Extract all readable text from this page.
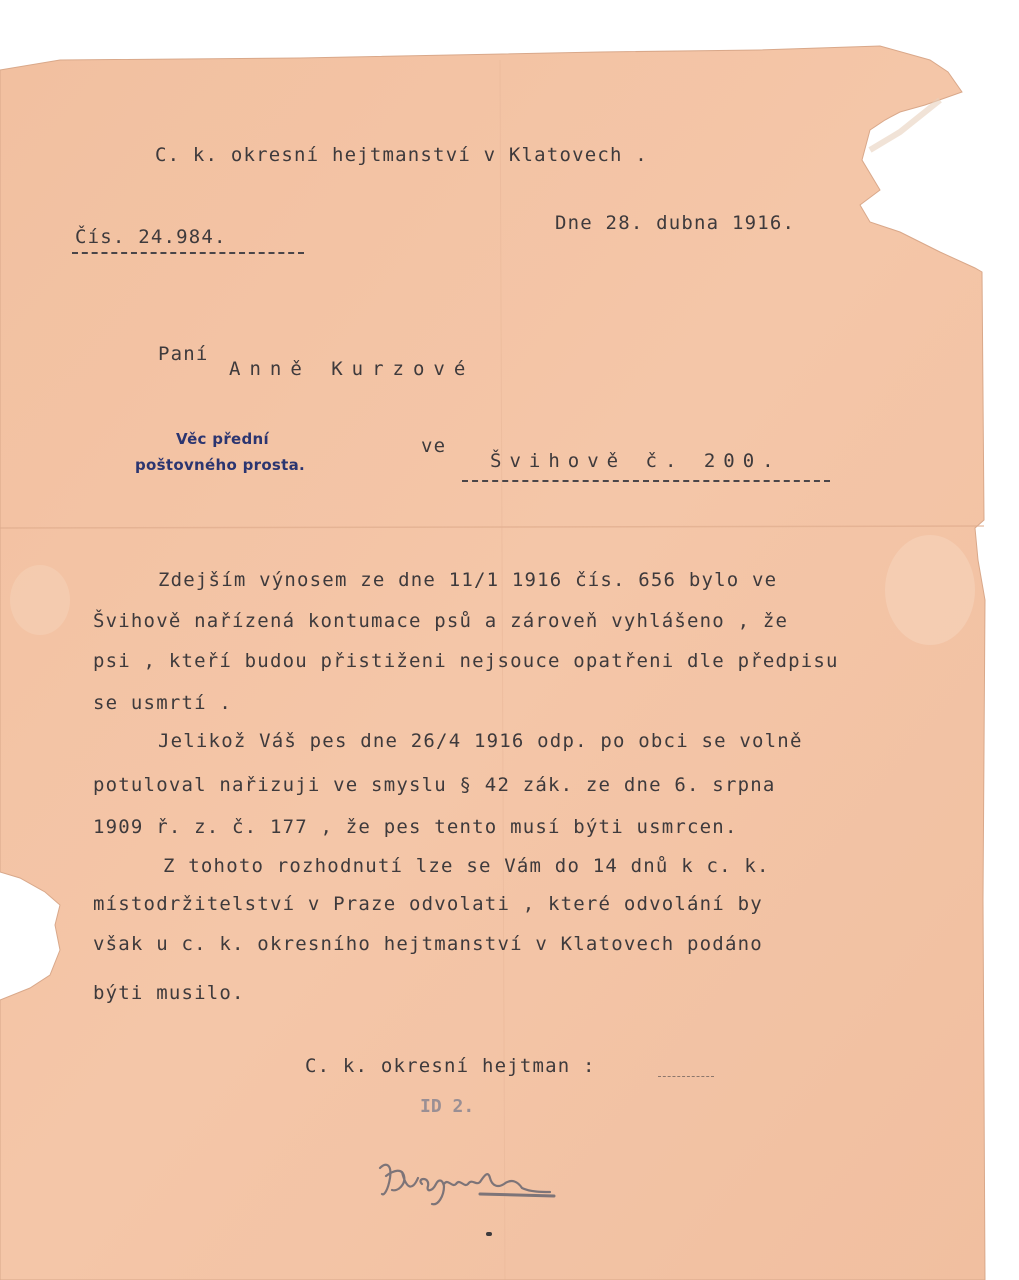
C. k. okresní hejtmanství v Klatovech .
Čís. 24.984.
Dne 28. dubna 1916.
Paní
Anně Kurzové
Věc přední
poštovného prosta.
ve
Švihově č. 200.
Zdejším výnosem ze dne 11/1 1916 čís. 656 bylo ve
Švihově nařízená kontumace psů a zároveň vyhlášeno , že
psi , kteří budou přistiženi nejsouce opatřeni dle předpisu
se usmrtí .
Jelikož Váš pes dne 26/4 1916 odp. po obci se volně
potuloval nařizuji ve smyslu § 42 zák. ze dne 6. srpna
1909 ř. z. č. 177 , že pes tento musí býti usmrcen.
Z tohoto rozhodnutí lze se Vám do 14 dnů k c. k.
místodržitelství v Praze odvolati , které odvolání by
však u c. k. okresního hejtmanství v Klatovech podáno
býti musilo.
C. k. okresní hejtman :
ID 2.
